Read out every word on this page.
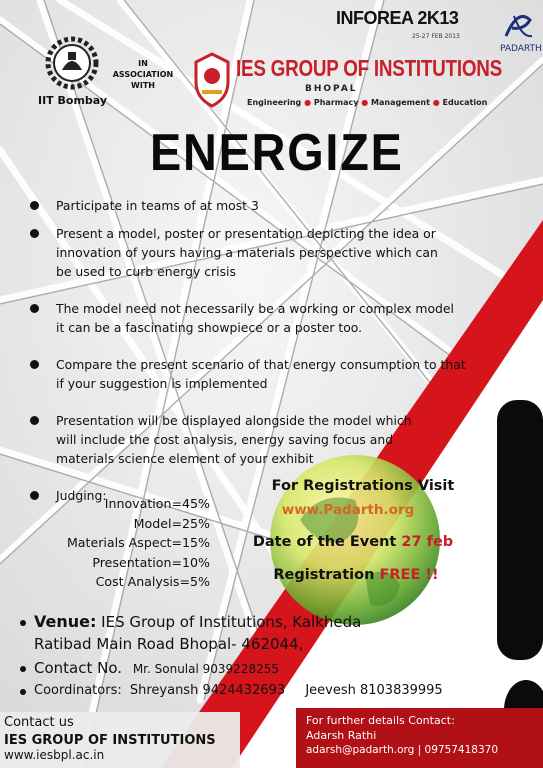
IIT Bombay
IN
ASSOCIATION
WITH
IES GROUP OF INSTITUTIONS
BHOPAL
Engineering ● Pharmacy ● Management ● Education
INFOREA 2K13
25-27 FEB 2013
PADARTH
ENERGIZE

Participate in teams of at most 3

Present a model, poster or presentation depicting the idea or innovation of yours having a materials perspective which can be used to curb energy crisis

The model need not necessarily be a working or complex model it can be a fascinating showpiece or a poster too.

Compare the present scenario of that energy consumption to that if your suggestion is implemented

Presentation will be displayed alongside the model which will include the cost analysis, energy saving focus and materials science element of your exhibit

Judging:

Innovation=45%
Model=25%
Materials Aspect=15%
Presentation=10%
Cost Analysis=5%
For Registrations Visit
www.Padarth.org
Date of the Event 27 feb
Registration FREE !!
Venue: IES Group of Institutions, Kalkheda
Ratibad Main Road Bhopal- 462044,
Contact No. Mr. Sonulal 9039228255
Coordinators: Shreyansh 9424432693 Jeevesh 8103839995
Contact us
IES GROUP OF INSTITUTIONS
www.iesbpl.ac.in
For further details Contact:
Adarsh Rathi
adarsh@padarth.org | 09757418370
